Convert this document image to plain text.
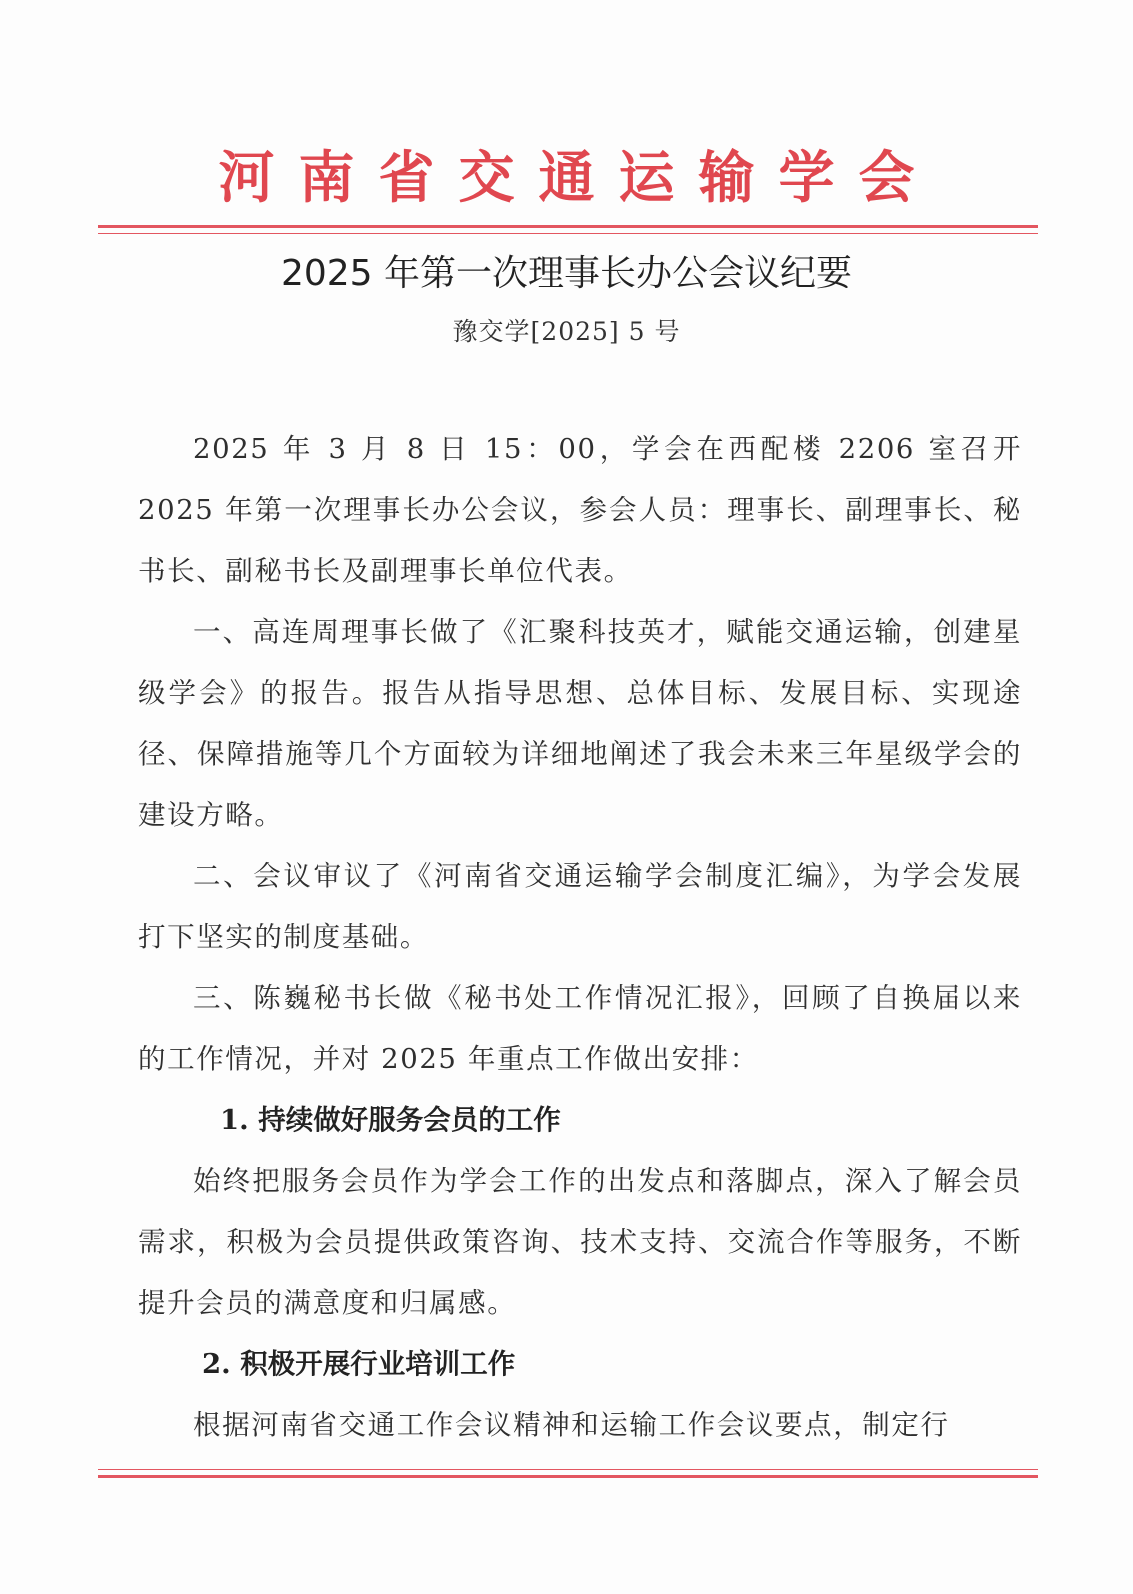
河南省交通运输学会
2025 年第一次理事长办公会议纪要
豫交学[2025] 5 号

2025 年 3 月 8 日 15：00，学会在西配楼 2206 室召开 2025 年第一次理事长办公会议，参会人员：理事长、副理事长、秘书长、副秘书长及副理事长单位代表。

一、高连周理事长做了《汇聚科技英才，赋能交通运输，创建星级学会》的报告。报告从指导思想、总体目标、发展目标、实现途径、保障措施等几个方面较为详细地阐述了我会未来三年星级学会的建设方略。

二、会议审议了《河南省交通运输学会制度汇编》，为学会发展打下坚实的制度基础。

三、陈巍秘书长做《秘书处工作情况汇报》，回顾了自换届以来的工作情况，并对 2025 年重点工作做出安排：

1. 持续做好服务会员的工作

始终把服务会员作为学会工作的出发点和落脚点，深入了解会员需求，积极为会员提供政策咨询、技术支持、交流合作等服务，不断提升会员的满意度和归属感。

2. 积极开展行业培训工作

根据河南省交通工作会议精神和运输工作会议要点，制定行
